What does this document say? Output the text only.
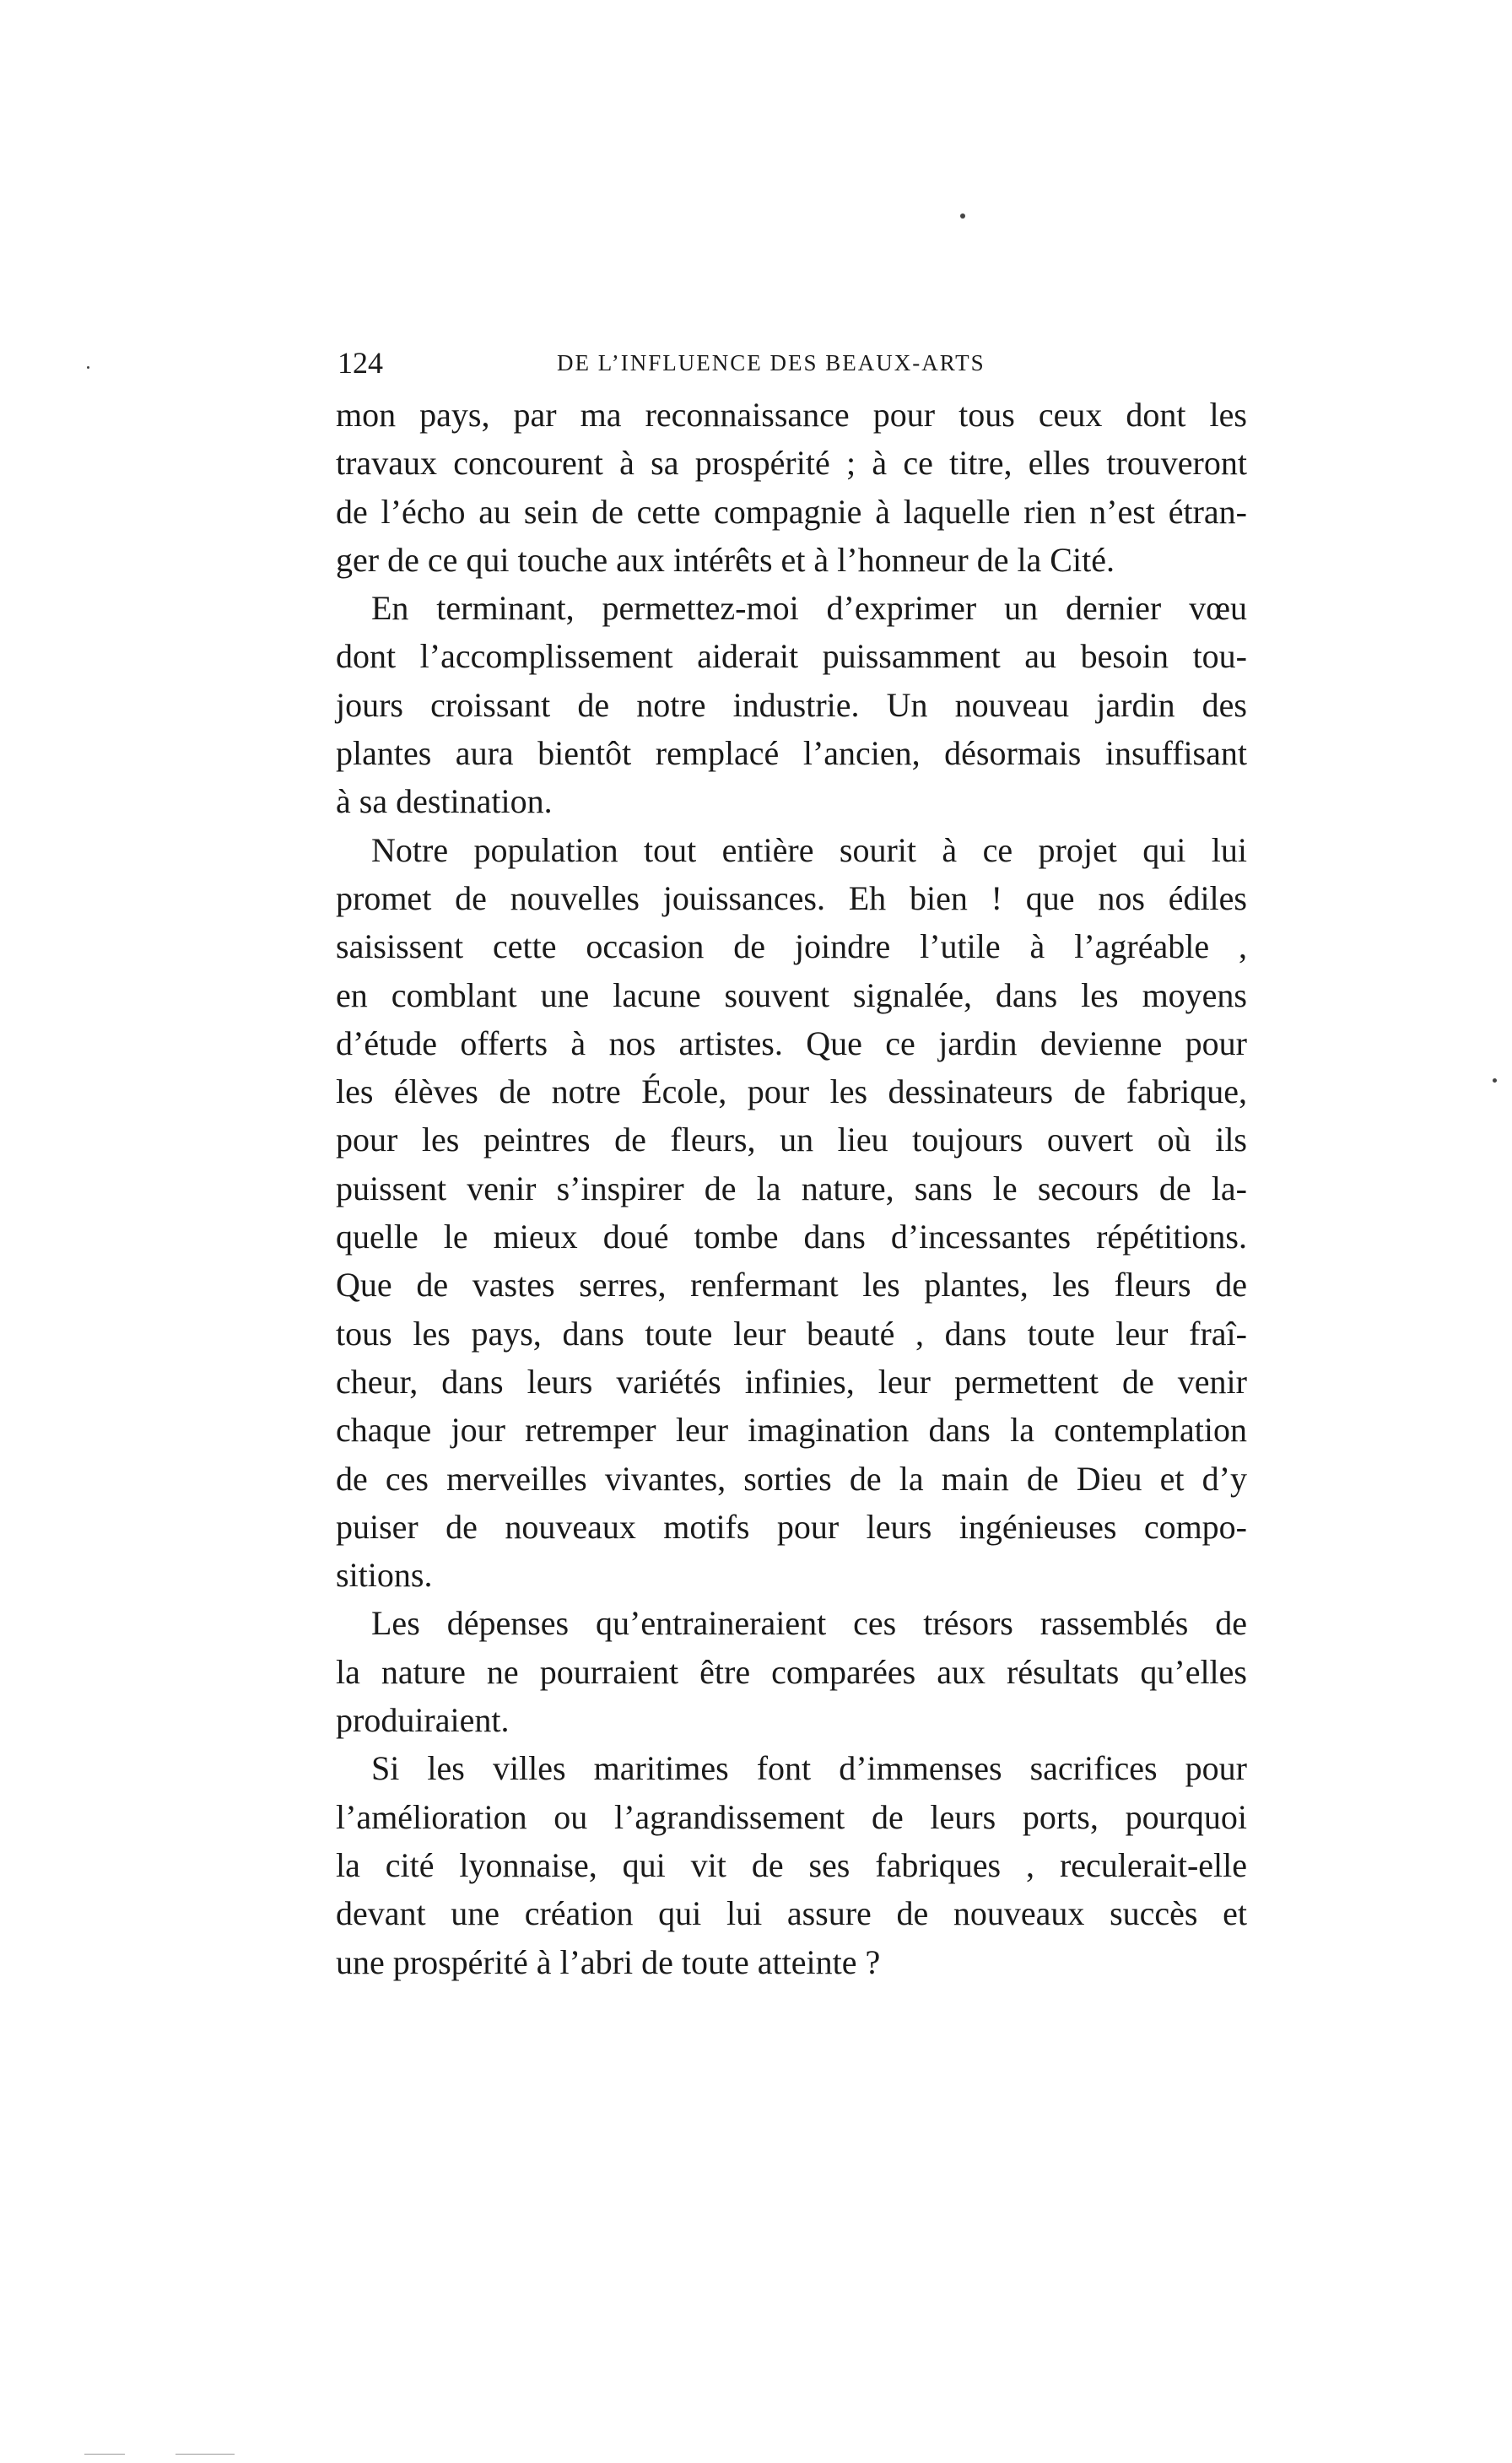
124	DE L’INFLUENCE DES BEAUX-ARTS
mon pays, par ma reconnaissance pour tous ceux dont les
travaux concourent à sa prospérité ; à ce titre, elles trouveront
de l’écho au sein de cette compagnie à laquelle rien n’est étran-
ger de ce qui touche aux intérêts et à l’honneur de la Cité.
En terminant, permettez-moi d’exprimer un dernier vœu
dont l’accomplissement aiderait puissamment au besoin tou-
jours croissant de notre industrie. Un nouveau jardin des
plantes aura bientôt remplacé l’ancien, désormais insuffisant
à sa destination.
Notre population tout entière sourit à ce projet qui lui
promet de nouvelles jouissances. Eh bien ! que nos édiles
saisissent cette occasion de joindre l’utile à l’agréable ,
en comblant une lacune souvent signalée, dans les moyens
d’étude offerts à nos artistes. Que ce jardin devienne pour
les élèves de notre École, pour les dessinateurs de fabrique,
pour les peintres de fleurs, un lieu toujours ouvert où ils
puissent venir s’inspirer de la nature, sans le secours de la-
quelle le mieux doué tombe dans d’incessantes répétitions.
Que de vastes serres, renfermant les plantes, les fleurs de
tous les pays, dans toute leur beauté , dans toute leur fraî-
cheur, dans leurs variétés infinies, leur permettent de venir
chaque jour retremper leur imagination dans la contemplation
de ces merveilles vivantes, sorties de la main de Dieu et d’y
puiser de nouveaux motifs pour leurs ingénieuses compo-
sitions.
Les dépenses qu’entraineraient ces trésors rassemblés de
la nature ne pourraient être comparées aux résultats qu’elles
produiraient.
Si les villes maritimes font d’immenses sacrifices pour
l’amélioration ou l’agrandissement de leurs ports, pourquoi
la cité lyonnaise, qui vit de ses fabriques , reculerait-elle
devant une création qui lui assure de nouveaux succès et
une prospérité à l’abri de toute atteinte ?
